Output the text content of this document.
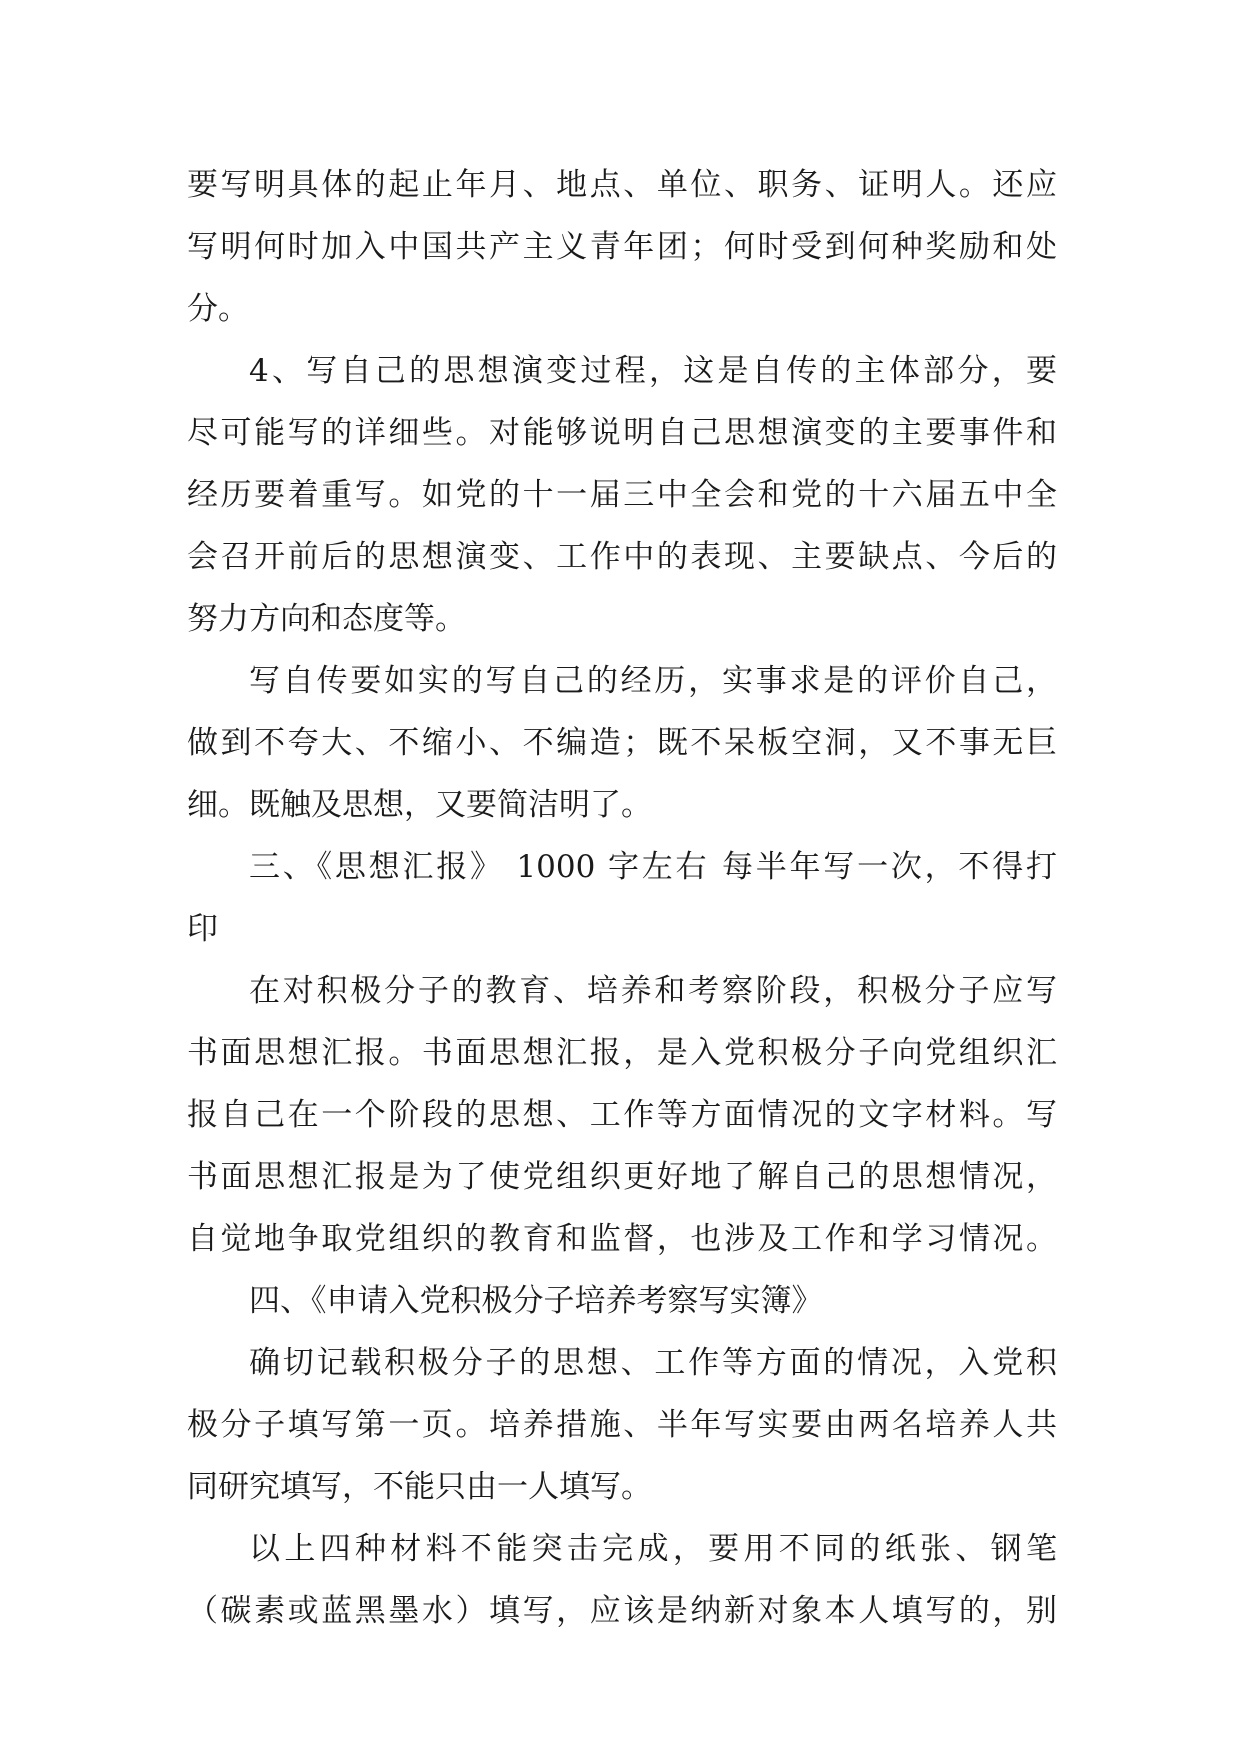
要写明具体的起止年月、地点、单位、职务、证明人。还应
写明何时加入中国共产主义青年团；何时受到何种奖励和处
分。
4、写自己的思想演变过程，这是自传的主体部分，要
尽可能写的详细些。对能够说明自己思想演变的主要事件和
经历要着重写。如党的十一届三中全会和党的十六届五中全
会召开前后的思想演变、工作中的表现、主要缺点、今后的
努力方向和态度等。
写自传要如实的写自己的经历，实事求是的评价自己，
做到不夸大、不缩小、不编造；既不呆板空洞，又不事无巨
细。既触及思想，又要简洁明了。
三、《思想汇报》 1000 字左右 每半年写一次，不得打
印
在对积极分子的教育、培养和考察阶段，积极分子应写
书面思想汇报。书面思想汇报，是入党积极分子向党组织汇
报自己在一个阶段的思想、工作等方面情况的文字材料。写
书面思想汇报是为了使党组织更好地了解自己的思想情况，
自觉地争取党组织的教育和监督，也涉及工作和学习情况。
四、《申请入党积极分子培养考察写实簿》
确切记载积极分子的思想、工作等方面的情况，入党积
极分子填写第一页。培养措施、半年写实要由两名培养人共
同研究填写，不能只由一人填写。
以上四种材料不能突击完成，要用不同的纸张、钢笔
（碳素或蓝黑墨水）填写，应该是纳新对象本人填写的，别
